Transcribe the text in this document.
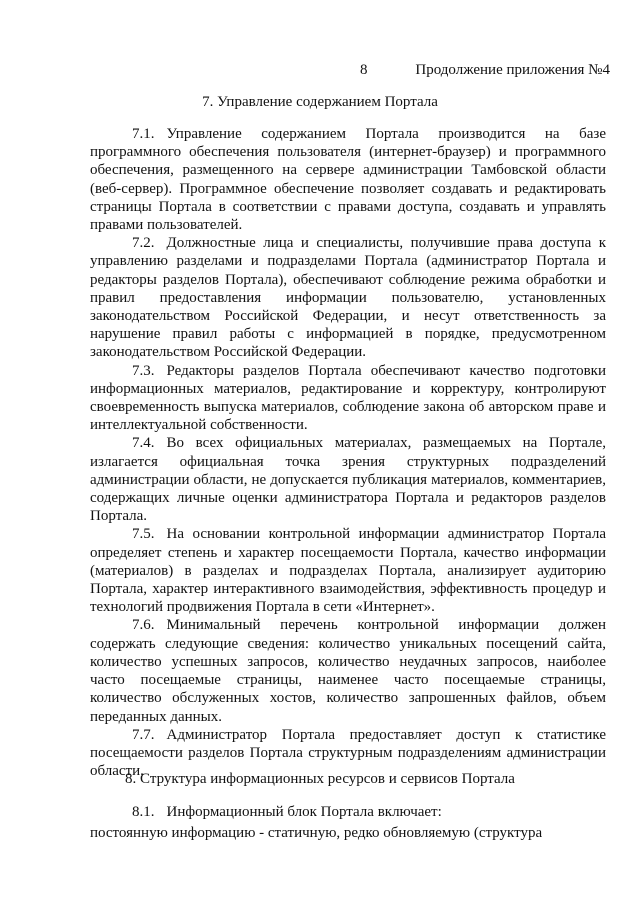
8	Продолжение приложения №4
7. Управление содержанием Портала

7.1. Управление содержанием Портала производится на базе программного обеспечения пользователя (интернет-браузер) и программного обеспечения, размещенного на сервере администрации Тамбовской области (веб-сервер). Программное обеспечение позволяет создавать и редактировать страницы Портала в соответствии с правами доступа, создавать и управлять правами пользователей.

7.2. Должностные лица и специалисты, получившие права доступа к управлению разделами и подразделами Портала (администратор Портала и редакторы разделов Портала), обеспечивают соблюдение режима обработки и правил предоставления информации пользователю, установленных законодательством Российской Федерации, и несут ответственность за нарушение правил работы с информацией в порядке, предусмотренном законодательством Российской Федерации.

7.3. Редакторы разделов Портала обеспечивают качество подготовки информационных материалов, редактирование и корректуру, контролируют своевременность выпуска материалов, соблюдение закона об авторском праве и интеллектуальной собственности.

7.4. Во всех официальных материалах, размещаемых на Портале, излагается официальная точка зрения структурных подразделений администрации области, не допускается публикация материалов, комментариев, содержащих личные оценки администратора Портала и редакторов разделов Портала.

7.5. На основании контрольной информации администратор Портала определяет степень и характер посещаемости Портала, качество информации (материалов) в разделах и подразделах Портала, анализирует аудиторию Портала, характер интерактивного взаимодействия, эффективность процедур и технологий продвижения Портала в сети «Интернет».

7.6. Минимальный перечень контрольной информации должен содержать следующие сведения: количество уникальных посещений сайта, количество успешных запросов, количество неудачных запросов, наиболее часто посещаемые страницы, наименее часто посещаемые страницы, количество обслуженных хостов, количество запрошенных файлов, объем переданных данных.

7.7. Администратор Портала предоставляет доступ к статистике посещаемости разделов Портала структурным подразделениям администрации области.

8. Структура информационных ресурсов и сервисов Портала

8.1. Информационный блок Портала включает:

постоянную информацию - статичную, редко обновляемую (структура
